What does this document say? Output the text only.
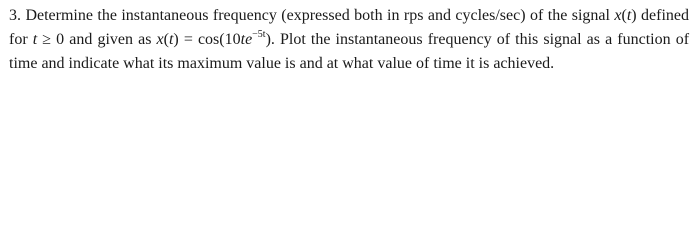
3. Determine the instantaneous frequency (expressed both in rps and cycles/sec) of the signal x(t) defined for t ≥ 0 and given as $x(t) = \cos(10te^{-5t})$. Plot the instantaneous frequency of this signal as a function of time and indicate what its maximum value is and at what value of time it is achieved.
